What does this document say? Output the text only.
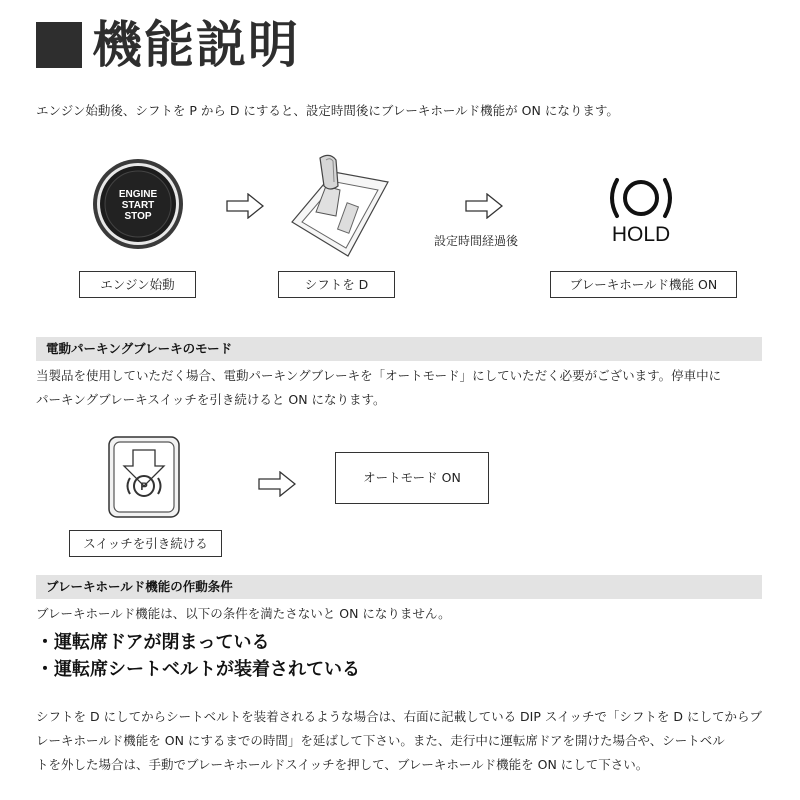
機能説明
エンジン始動後、シフトを P から D にすると、設定時間後にブレーキホールド機能が ON になります。
ENGINE
START
STOP
設定時間経過後	HOLD
エンジン始動	シフトを D	ブレーキホールド機能 ON
電動パーキングブレーキのモード
当製品を使用していただく場合、電動パーキングブレーキを「オートモード」にしていただく必要がございます。停車中に
パーキングブレーキスイッチを引き続けると ON になります。
P
オートモード ON
スイッチを引き続ける
ブレーキホールド機能の作動条件
ブレーキホールド機能は、以下の条件を満たさないと ON になりません。
・運転席ドアが閉まっている
・運転席シートベルトが装着されている
シフトを D にしてからシートベルトを装着されるような場合は、右面に記載している DIP スイッチで「シフトを D にしてからブ
レーキホールド機能を ON にするまでの時間」を延ばして下さい。また、走行中に運転席ドアを開けた場合や、シートベル
トを外した場合は、手動でブレーキホールドスイッチを押して、ブレーキホールド機能を ON にして下さい。
